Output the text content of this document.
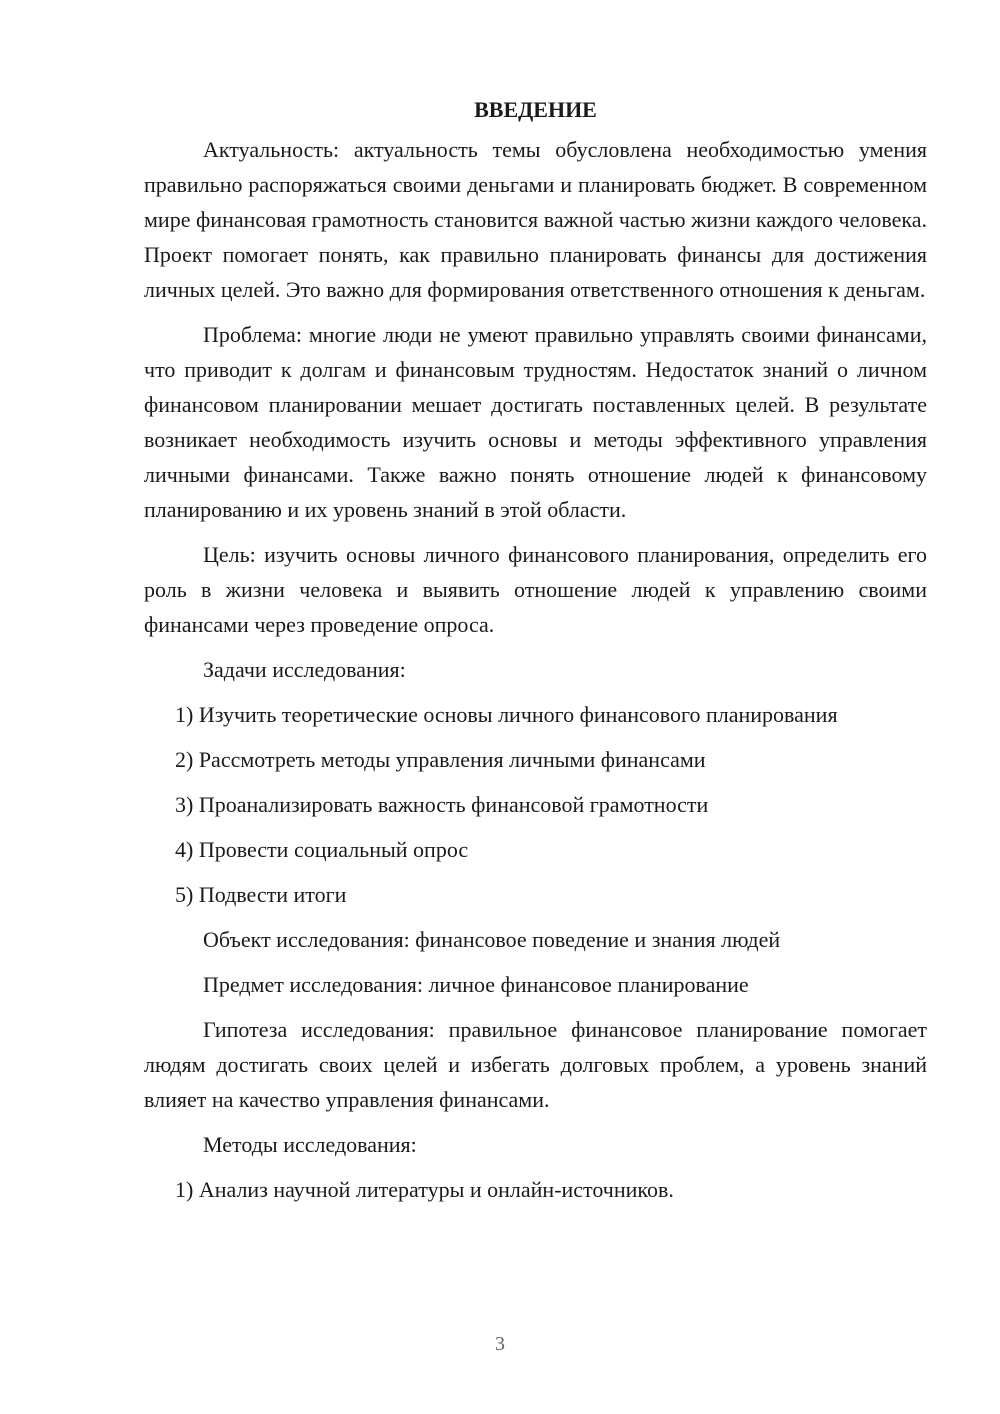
ВВЕДЕНИЕ

Актуальность: актуальность темы обусловлена необходимостью умения правильно распоряжаться своими деньгами и планировать бюджет. В современном мире финансовая грамотность становится важной частью жизни каждого человека. Проект помогает понять, как правильно планировать финансы для достижения личных целей. Это важно для формирования ответственного отношения к деньгам.

Проблема: многие люди не умеют правильно управлять своими финансами, что приводит к долгам и финансовым трудностям. Недостаток знаний о личном финансовом планировании мешает достигать поставленных целей. В результате возникает необходимость изучить основы и методы эффективного управления личными финансами. Также важно понять отношение людей к финансовому планированию и их уровень знаний в этой области.

Цель: изучить основы личного финансового планирования, определить его роль в жизни человека и выявить отношение людей к управлению своими финансами через проведение опроса.

Задачи исследования:
1) Изучить теоретические основы личного финансового планирования
2) Рассмотреть методы управления личными финансами
3) Проанализировать важность финансовой грамотности
4) Провести социальный опрос
5) Подвести итоги
Объект исследования: финансовое поведение и знания людей
Предмет исследования: личное финансовое планирование

Гипотеза исследования: правильное финансовое планирование помогает людям достигать своих целей и избегать долговых проблем, а уровень знаний влияет на качество управления финансами.

Методы исследования:
1) Анализ научной литературы и онлайн-источников.
3
